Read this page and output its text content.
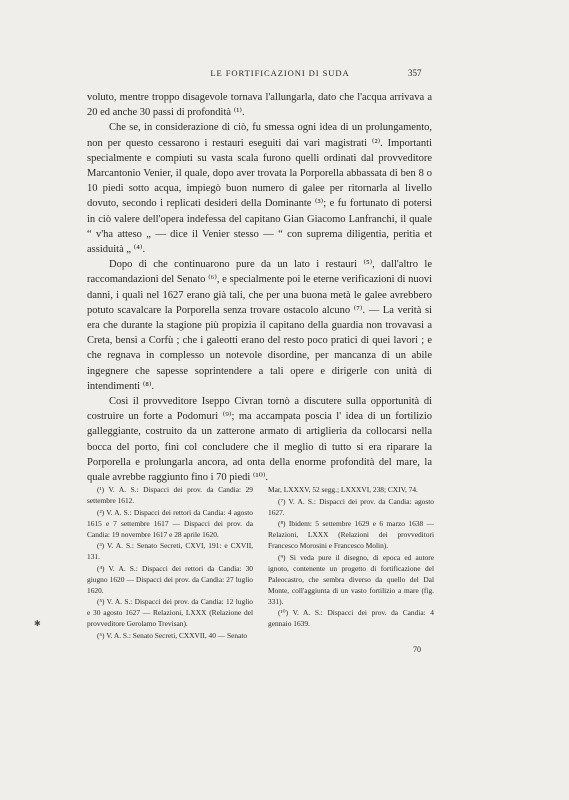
LE FORTIFICAZIONI DI SUDA	357

voluto, mentre troppo disagevole tornava l'allungarla, dato che l'acqua arrivava a 20 ed anche 30 passi di profondità ⁽¹⁾.

Che se, in considerazione di ciò, fu smessa ogni idea di un prolungamento, non per questo cessarono i restauri eseguiti dai vari magistrati ⁽²⁾. Importanti specialmente e compiuti su vasta scala furono quelli ordinati dal provveditore Marcantonio Venier, il quale, dopo aver trovata la Porporella abbassata di ben 8 o 10 piedi sotto acqua, impiegò buon numero di galee per ritornarla al livello dovuto, secondo i replicati desideri della Dominante ⁽³⁾; e fu fortunato di potersi in ciò valere dell'opera indefessa del capitano Gian Giacomo Lanfranchi, il quale “ v'ha atteso „ — dice il Venier stesso — “ con suprema diligentia, peritia et assiduità „ ⁽⁴⁾.

Dopo di che continuarono pure da un lato i restauri ⁽⁵⁾, dall'altro le raccomandazioni del Senato ⁽⁶⁾, e specialmente poi le eterne verificazioni di nuovi danni, i quali nel 1627 erano già tali, che per una buona metà le galee avrebbero potuto scavalcare la Porporella senza trovare ostacolo alcuno ⁽⁷⁾. — La verità si era che durante la stagione più propizia il capitano della guardia non trovavasi a Creta, bensì a Corfù ; che i galeotti erano del resto poco pratici di quei lavori ; e che regnava in complesso un notevole disordine, per mancanza di un abile ingegnere che sapesse soprintendere a tali opere e dirigerle con unità di intendimenti ⁽⁸⁾.

Così il provveditore Iseppo Civran tornò a discutere sulla opportunità di costruire un forte a Podomuri ⁽⁹⁾; ma accampata poscia l' idea di un fortilizio galleggiante, costruito da un zatterone armato di artiglieria da collocarsi nella bocca del porto, finì col concludere che il meglio di tutto si era riparare la Porporella e prolungarla ancora, ad onta della enorme profondità del mare, la quale avrebbe raggiunto fino i 70 piedi ⁽¹⁰⁾.

(¹) V. A. S.: Dispacci dei prov. da Candia: 29 settembre 1612.

(²) V. A. S.: Dispacci dei rettori da Candia: 4 agosto 1615 e 7 settembre 1617 — Dispacci dei prov. da Candia: 19 novembre 1617 e 28 aprile 1620.

(³) V. A. S.: Senato Secreti, CXVI, 191: e CXVII, 131.

(⁴) V. A. S.: Dispacci dei rettori da Candia: 30 giugno 1620 — Dispacci dei prov. da Candia: 27 luglio 1620.

(⁵) V. A. S.: Dispacci dei prov. da Candia: 12 luglio e 30 agosto 1627 — Relazioni, LXXX (Relazione del provveditore Gerolamo Trevisan).

(⁶) V. A. S.: Senato Secreti, CXXVII, 40 — Senato

Mar, LXXXV, 52 segg.; LXXXVI, 238; CXIV, 74.

(⁷) V. A. S.: Dispacci dei prov. da Candia: agosto 1627.

(⁸) Ibidem: 5 settembre 1629 e 6 marzo 1638 — Relazioni, LXXX (Relazioni dei provveditori Francesco Morosini e Francesco Molin).

(⁹) Si veda pure il disegno, di epoca ed autore ignoto, contenente un progetto di fortificazione del Paleocastro, che sembra diverso da quello del Dal Monte, coll'aggiunta di un vasto fortilizio a mare (fig. 331).

(¹⁰) V. A. S.: Dispacci dei prov. da Candia: 4 gennaio 1639.

70
✱
